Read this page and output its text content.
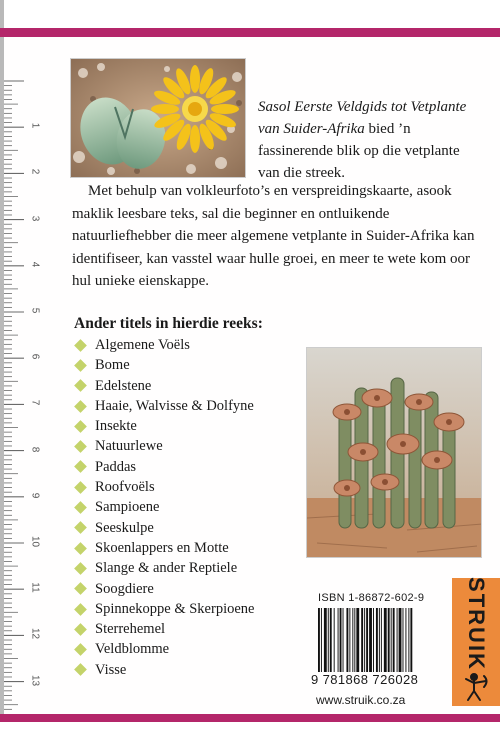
1
2
3
4
5
6
7
8
9
10
11
12
13

Sasol Eerste Veldgids tot Vetplante van Suider-Afrika bied ’n fassinerende blik op die vetplante van die streek.

Met behulp van volkleurfoto’s en verspreidingskaarte, asook maklik leesbare teks, sal die beginner en ontluikende natuurliefhebber die meer algemene vetplante in Suider-Afrika kan identifiseer, kan vasstel waar hulle groei, en meer te wete kom oor hul unieke eienskappe.

Ander titels in hierdie reeks:
Algemene Voëls
Bome
Edelstene
Haaie, Walvisse & Dolfyne
Insekte
Natuurlewe
Paddas
Roofvoëls
Sampioene
Seeskulpe
Skoenlappers en Motte
Slange & ander Reptiele
Soogdiere
Spinnekoppe & Skerpioene
Sterrehemel
Veldblomme
Visse
ISBN 1-86872-602-9
9 781868 726028
www.struik.co.za
STRUIK
